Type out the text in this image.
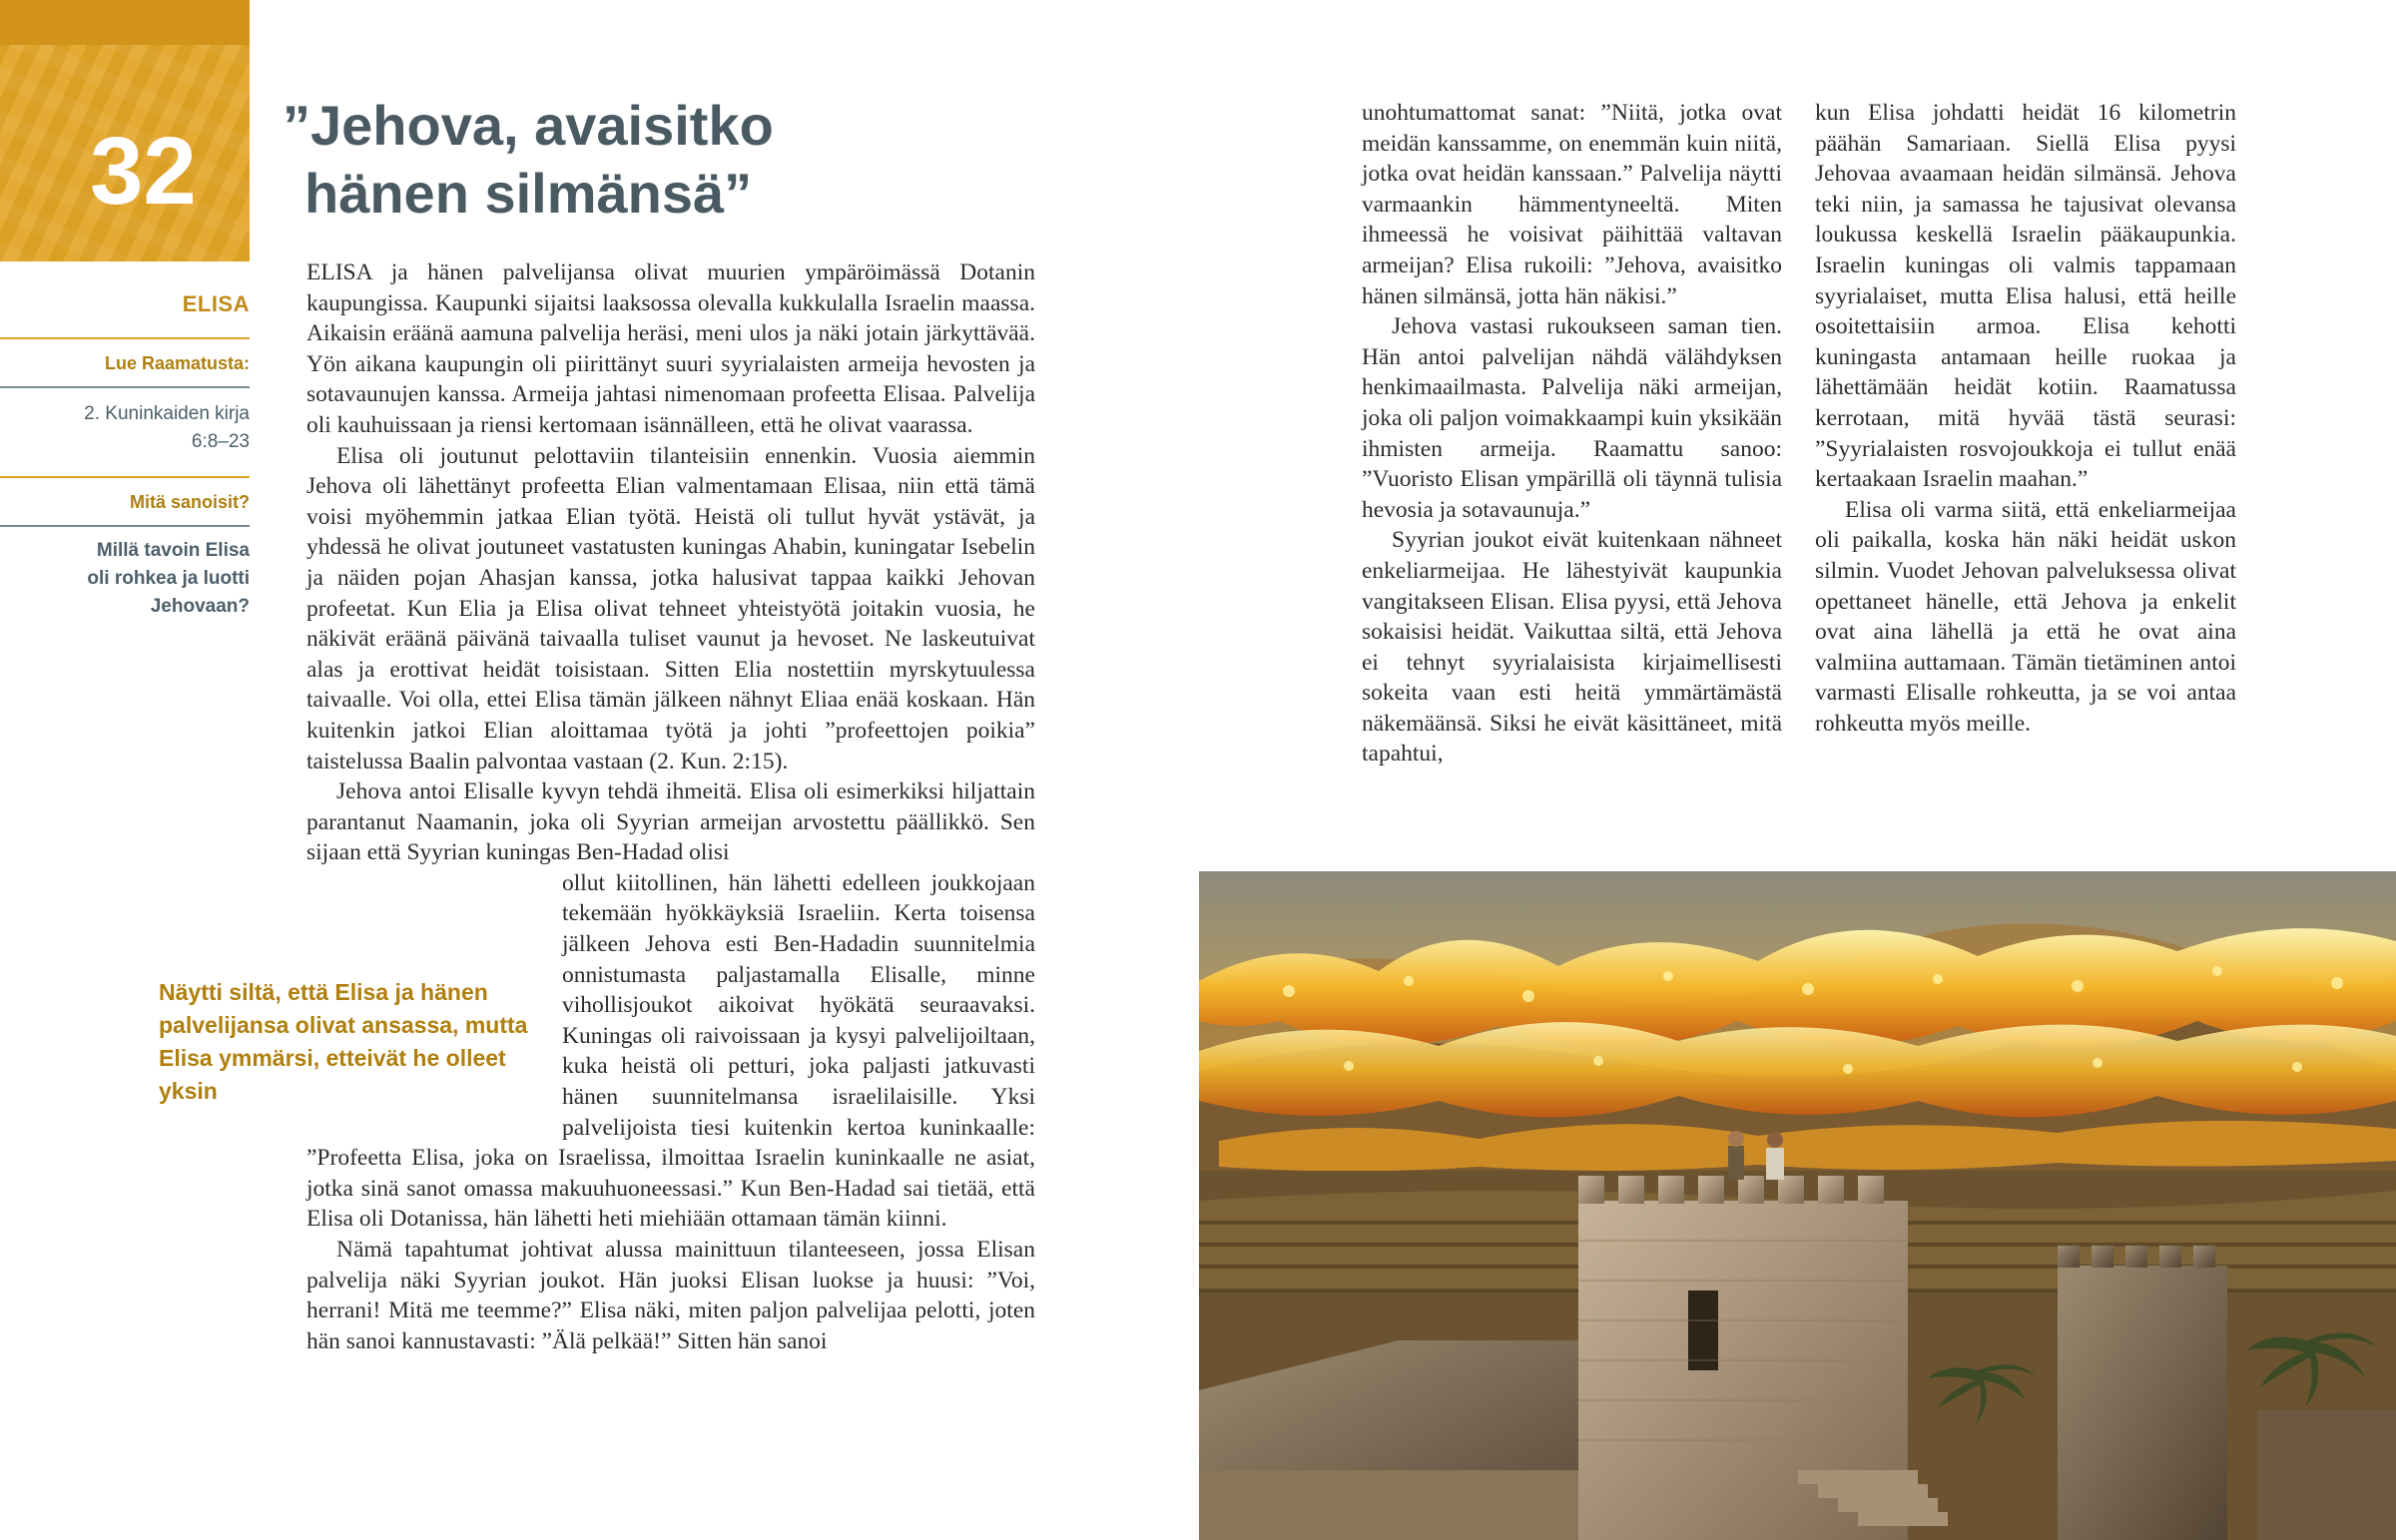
32
ELISA
Lue Raamatusta:
2. Kuninkaiden kirja
6:8–23
Mitä sanoisit?
Millä tavoin Elisa
oli rohkea ja luotti
Jehovaan?
”Jehova, avaisitko
hänen silmänsä”

ELISA ja hänen palvelijansa olivat muurien ympäröimässä Dotanin kaupungissa. Kaupunki sijaitsi laaksossa olevalla kukkulalla Israelin maassa. Aikaisin eräänä aamuna palvelija heräsi, meni ulos ja näki jotain järkyttävää. Yön aikana kaupungin oli piirittänyt suuri syyrialaisten armeija hevosten ja sotavaunujen kanssa. Armeija jahtasi nimenomaan profeetta Elisaa. Palvelija oli kauhuissaan ja riensi kertomaan isännälleen, että he olivat vaarassa.

Elisa oli joutunut pelottaviin tilanteisiin ennenkin. Vuosia aiemmin Jehova oli lähettänyt profeetta Elian valmentamaan Elisaa, niin että tämä voisi myöhemmin jatkaa Elian työtä. Heistä oli tullut hyvät ystävät, ja yhdessä he olivat joutuneet vastatusten kuningas Ahabin, kuningatar Isebelin ja näiden pojan Ahasjan kanssa, jotka halusivat tappaa kaikki Jehovan profeetat. Kun Elia ja Elisa olivat tehneet yhteistyötä joitakin vuosia, he näkivät eräänä päivänä taivaalla tuliset vaunut ja hevoset. Ne laskeutuivat alas ja erottivat heidät toisistaan. Sitten Elia nostettiin myrskytuulessa taivaalle. Voi olla, ettei Elisa tämän jälkeen nähnyt Eliaa enää koskaan. Hän kuitenkin jatkoi Elian aloittamaa työtä ja johti ”profeettojen poikia” taistelussa Baalin palvontaa vastaan (2. Kun. 2:15).

Jehova antoi Elisalle kyvyn tehdä ihmeitä. Elisa oli esimerkiksi hiljattain parantanut Naamanin, joka oli Syyrian armeijan arvostettu päällikkö. Sen sijaan että Syyrian kuningas Ben-Hadad olisi

ollut kiitollinen, hän lähetti edelleen joukkojaan tekemään hyökkäyksiä Israeliin. Kerta toisensa jälkeen Jehova esti Ben-Hadadin suunnitelmia onnistumasta paljastamalla Elisalle, minne vihollisjoukot aikoivat hyökätä seuraavaksi. Kuningas oli raivoissaan ja kysyi palvelijoiltaan, kuka heistä oli petturi, joka paljasti jatkuvasti hänen suunnitelmansa israelilaisille. Yksi palvelijoista tiesi kuitenkin kertoa kuninkaalle: ”Profeetta Elisa, joka on Israelissa, ilmoittaa Israelin kuninkaalle ne asiat, jotka sinä sanot omassa makuuhuoneessasi.” Kun Ben-Hadad sai tietää, että Elisa oli Dotanissa, hän lähetti heti miehiään ottamaan tämän kiinni.

Nämä tapahtumat johtivat alussa mainittuun tilanteeseen, jossa Elisan palvelija näki Syyrian joukot. Hän juoksi Elisan luokse ja huusi: ”Voi, herrani! Mitä me teemme?” Elisa näki, miten paljon palvelijaa pelotti, joten hän sanoi kannustavasti: ”Älä pelkää!” Sitten hän sanoi

Näytti siltä, että Elisa ja hänen palvelijansa olivat ansassa, mutta Elisa ymmärsi, etteivät he olleet yksin

unohtumattomat sanat: ”Niitä, jotka ovat meidän kanssamme, on enemmän kuin niitä, jotka ovat heidän kanssaan.” Palvelija näytti varmaankin hämmentyneeltä. Miten ihmeessä he voisivat päihittää valtavan armeijan? Elisa rukoili: ”Jehova, avaisitko hänen silmänsä, jotta hän näkisi.”

Jehova vastasi rukoukseen saman tien. Hän antoi palvelijan nähdä välähdyksen henkimaailmasta. Palvelija näki armeijan, joka oli paljon voimakkaampi kuin yksikään ihmisten armeija. Raamattu sanoo: ”Vuoristo Elisan ympärillä oli täynnä tulisia hevosia ja sotavaunuja.”

Syyrian joukot eivät kuitenkaan nähneet enkeliarmeijaa. He lähestyivät kaupunkia vangitakseen Elisan. Elisa pyysi, että Jehova sokaisisi heidät. Vaikuttaa siltä, että Jehova ei tehnyt syyrialaisista kirjaimellisesti sokeita vaan esti heitä ymmärtämästä näkemäänsä. Siksi he eivät käsittäneet, mitä tapahtui,

kun Elisa johdatti heidät 16 kilometrin päähän Samariaan. Siellä Elisa pyysi Jehovaa avaamaan heidän silmänsä. Jehova teki niin, ja samassa he tajusivat olevansa loukussa keskellä Israelin pääkaupunkia. Israelin kuningas oli valmis tappamaan syyrialaiset, mutta Elisa halusi, että heille osoitettaisiin armoa. Elisa kehotti kuningasta antamaan heille ruokaa ja lähettämään heidät kotiin. Raamatussa kerrotaan, mitä hyvää tästä seurasi: ”Syyrialaisten rosvojoukkoja ei tullut enää kertaakaan Israelin maahan.”

Elisa oli varma siitä, että enkeliarmeijaa oli paikalla, koska hän näki heidät uskon silmin. Vuodet Jehovan palveluksessa olivat opettaneet hänelle, että Jehova ja enkelit ovat aina lähellä ja että he ovat aina valmiina auttamaan. Tämän tietäminen antoi varmasti Elisalle rohkeutta, ja se voi antaa rohkeutta myös meille.
